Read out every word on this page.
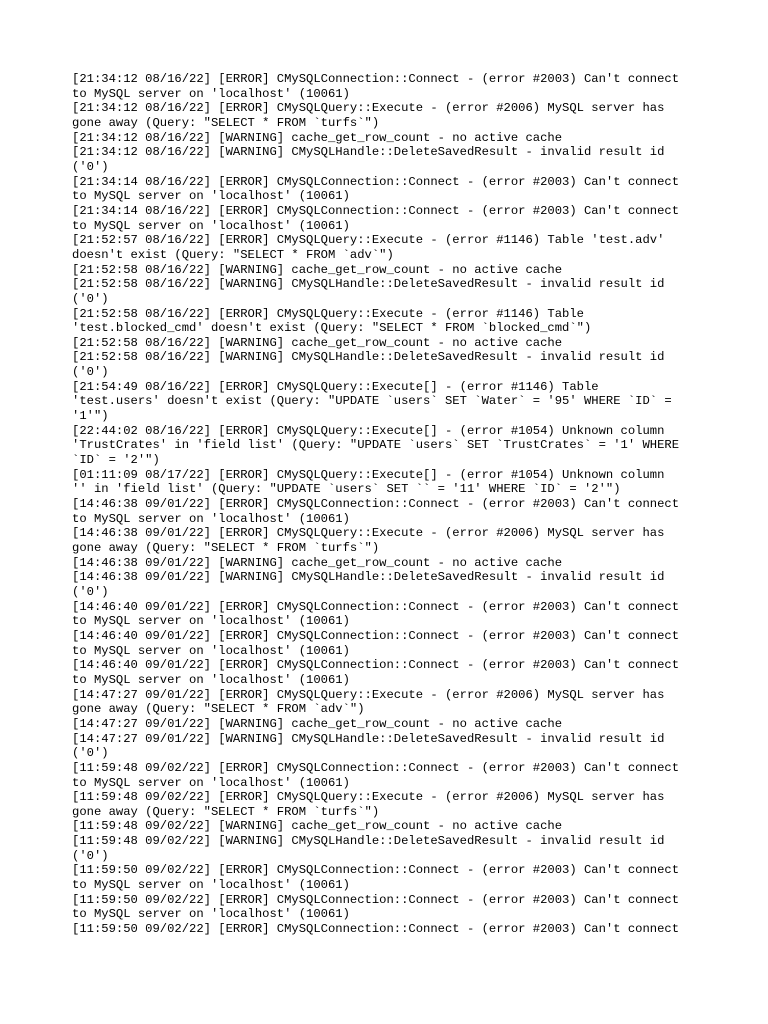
[21:34:12 08/16/22] [ERROR] CMySQLConnection::Connect - (error #2003) Can't connect
to MySQL server on 'localhost' (10061)
[21:34:12 08/16/22] [ERROR] CMySQLQuery::Execute - (error #2006) MySQL server has
gone away (Query: "SELECT * FROM `turfs`")
[21:34:12 08/16/22] [WARNING] cache_get_row_count - no active cache
[21:34:12 08/16/22] [WARNING] CMySQLHandle::DeleteSavedResult - invalid result id
('0')
[21:34:14 08/16/22] [ERROR] CMySQLConnection::Connect - (error #2003) Can't connect
to MySQL server on 'localhost' (10061)
[21:34:14 08/16/22] [ERROR] CMySQLConnection::Connect - (error #2003) Can't connect
to MySQL server on 'localhost' (10061)
[21:52:57 08/16/22] [ERROR] CMySQLQuery::Execute - (error #1146) Table 'test.adv'
doesn't exist (Query: "SELECT * FROM `adv`")
[21:52:58 08/16/22] [WARNING] cache_get_row_count - no active cache
[21:52:58 08/16/22] [WARNING] CMySQLHandle::DeleteSavedResult - invalid result id
('0')
[21:52:58 08/16/22] [ERROR] CMySQLQuery::Execute - (error #1146) Table
'test.blocked_cmd' doesn't exist (Query: "SELECT * FROM `blocked_cmd`")
[21:52:58 08/16/22] [WARNING] cache_get_row_count - no active cache
[21:52:58 08/16/22] [WARNING] CMySQLHandle::DeleteSavedResult - invalid result id
('0')
[21:54:49 08/16/22] [ERROR] CMySQLQuery::Execute[] - (error #1146) Table
'test.users' doesn't exist (Query: "UPDATE `users` SET `Water` = '95' WHERE `ID` =
'1'")
[22:44:02 08/16/22] [ERROR] CMySQLQuery::Execute[] - (error #1054) Unknown column
'TrustCrates' in 'field list' (Query: "UPDATE `users` SET `TrustCrates` = '1' WHERE
`ID` = '2'")
[01:11:09 08/17/22] [ERROR] CMySQLQuery::Execute[] - (error #1054) Unknown column
'' in 'field list' (Query: "UPDATE `users` SET `` = '11' WHERE `ID` = '2'")
[14:46:38 09/01/22] [ERROR] CMySQLConnection::Connect - (error #2003) Can't connect
to MySQL server on 'localhost' (10061)
[14:46:38 09/01/22] [ERROR] CMySQLQuery::Execute - (error #2006) MySQL server has
gone away (Query: "SELECT * FROM `turfs`")
[14:46:38 09/01/22] [WARNING] cache_get_row_count - no active cache
[14:46:38 09/01/22] [WARNING] CMySQLHandle::DeleteSavedResult - invalid result id
('0')
[14:46:40 09/01/22] [ERROR] CMySQLConnection::Connect - (error #2003) Can't connect
to MySQL server on 'localhost' (10061)
[14:46:40 09/01/22] [ERROR] CMySQLConnection::Connect - (error #2003) Can't connect
to MySQL server on 'localhost' (10061)
[14:46:40 09/01/22] [ERROR] CMySQLConnection::Connect - (error #2003) Can't connect
to MySQL server on 'localhost' (10061)
[14:47:27 09/01/22] [ERROR] CMySQLQuery::Execute - (error #2006) MySQL server has
gone away (Query: "SELECT * FROM `adv`")
[14:47:27 09/01/22] [WARNING] cache_get_row_count - no active cache
[14:47:27 09/01/22] [WARNING] CMySQLHandle::DeleteSavedResult - invalid result id
('0')
[11:59:48 09/02/22] [ERROR] CMySQLConnection::Connect - (error #2003) Can't connect
to MySQL server on 'localhost' (10061)
[11:59:48 09/02/22] [ERROR] CMySQLQuery::Execute - (error #2006) MySQL server has
gone away (Query: "SELECT * FROM `turfs`")
[11:59:48 09/02/22] [WARNING] cache_get_row_count - no active cache
[11:59:48 09/02/22] [WARNING] CMySQLHandle::DeleteSavedResult - invalid result id
('0')
[11:59:50 09/02/22] [ERROR] CMySQLConnection::Connect - (error #2003) Can't connect
to MySQL server on 'localhost' (10061)
[11:59:50 09/02/22] [ERROR] CMySQLConnection::Connect - (error #2003) Can't connect
to MySQL server on 'localhost' (10061)
[11:59:50 09/02/22] [ERROR] CMySQLConnection::Connect - (error #2003) Can't connect
